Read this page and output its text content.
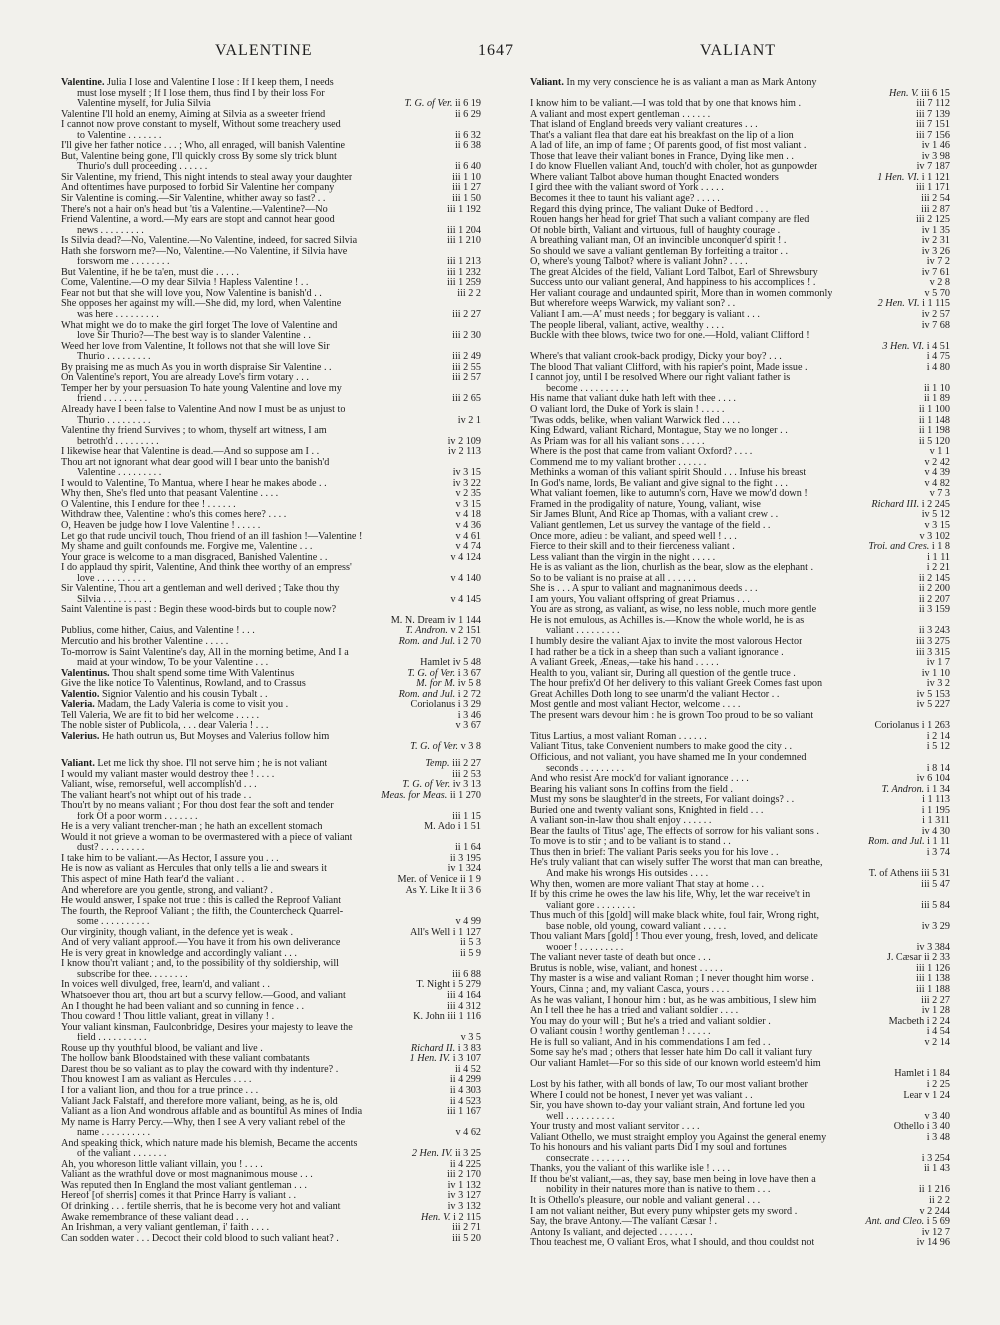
VALENTINE	1647	VALIANT
Valentine. Julia I lose and Valentine I lose : If I keep them, I needs
must lose myself ; If I lose them, thus find I by their loss For
Valentine myself, for Julia Silvia	T. G. of Ver. ii 6 19
Valentine I'll hold an enemy, Aiming at Silvia as a sweeter friend	ii 6 29
I cannot now prove constant to myself, Without some treachery used
to Valentine . . . . . . .	ii 6 32
I'll give her father notice . . . ; Who, all enraged, will banish Valentine	ii 6 38
But, Valentine being gone, I'll quickly cross By some sly trick blunt
Thurio's dull proceeding . . . . . .	ii 6 40
Sir Valentine, my friend, This night intends to steal away your daughter	iii 1 10
And oftentimes have purposed to forbid Sir Valentine her company	iii 1 27
Sir Valentine is coming.—Sir Valentine, whither away so fast? . .	iii 1 50
There's not a hair on's head but 'tis a Valentine.—Valentine?—No	iii 1 192
Friend Valentine, a word.—My ears are stopt and cannot hear good
news . . . . . . . . .	iii 1 204
Is Silvia dead?—No, Valentine.—No Valentine, indeed, for sacred Silvia	iii 1 210
Hath she forsworn me?—No, Valentine.—No Valentine, if Silvia have
forsworn me . . . . . . . .	iii 1 213
But Valentine, if he be ta'en, must die . . . . .	iii 1 232
Come, Valentine.—O my dear Silvia ! Hapless Valentine ! . .	iii 1 259
Fear not but that she will love you, Now Valentine is banish'd . .	iii 2 2
She opposes her against my will.—She did, my lord, when Valentine
was here . . . . . . . . .	iii 2 27
What might we do to make the girl forget The love of Valentine and
love Sir Thurio?—The best way is to slander Valentine . .	iii 2 30
Weed her love from Valentine, It follows not that she will love Sir
Thurio . . . . . . . . .	iii 2 49
By praising me as much As you in worth dispraise Sir Valentine . .	iii 2 55
On Valentine's report, You are already Love's firm votary . . .	iii 2 57
Temper her by your persuasion To hate young Valentine and love my
friend . . . . . . . . .	iii 2 65
Already have I been false to Valentine And now I must be as unjust to
Thurio . . . . . . . . .	iv 2 1
Valentine thy friend Survives ; to whom, thyself art witness, I am
betroth'd . . . . . . . . .	iv 2 109
I likewise hear that Valentine is dead.—And so suppose am I . .	iv 2 113
Thou art not ignorant what dear good will I bear unto the banish'd
Valentine . . . . . . . . .	iv 3 15
I would to Valentine, To Mantua, where I hear he makes abode . .	iv 3 22
Why then, She's fled unto that peasant Valentine . . . .	v 2 35
O Valentine, this I endure for thee ! . . . . . .	v 3 15
Withdraw thee, Valentine : who's this comes here? . . . .	v 4 18
O, Heaven be judge how I love Valentine ! . . . . .	v 4 36
Let go that rude uncivil touch, Thou friend of an ill fashion !—Valentine !	v 4 61
My shame and guilt confounds me. Forgive me, Valentine . . .	v 4 74
Your grace is welcome to a man disgraced, Banished Valentine . .	v 4 124
I do applaud thy spirit, Valentine, And think thee worthy of an empress'
love . . . . . . . . . .	v 4 140
Sir Valentine, Thou art a gentleman and well derived ; Take thou thy
Silvia . . . . . . . . . .	v 4 145
Saint Valentine is past : Begin these wood-birds but to couple now?
M. N. Dream iv 1 144
Publius, come hither, Caius, and Valentine ! . . .	T. Andron. v 2 151
Mercutio and his brother Valentine . . . . .	Rom. and Jul. i 2 70
To-morrow is Saint Valentine's day, All in the morning betime, And I a
maid at your window, To be your Valentine . . .	Hamlet iv 5 48
Valentinus. Thou shalt spend some time With Valentinus	T. G. of Ver. i 3 67
Give the like notice To Valentinus, Rowland, and to Crassus	M. for M. iv 5 8
Valentio. Signior Valentio and his cousin Tybalt . .	Rom. and Jul. i 2 72
Valeria. Madam, the Lady Valeria is come to visit you .	Coriolanus i 3 29
Tell Valeria, We are fit to bid her welcome . . . . .	i 3 46
The noble sister of Publicola, . . . dear Valeria ! . . .	v 3 67
Valerius. He hath outrun us, But Moyses and Valerius follow him
T. G. of Ver. v 3 8
Valiant. Let me lick thy shoe. I'll not serve him ; he is not valiant	Temp. iii 2 27
I would my valiant master would destroy thee ! . . . .	iii 2 53
Valiant, wise, remorseful, well accomplish'd . . .	T. G. of Ver. iv 3 13
The valiant heart's not whipt out of his trade . .	Meas. for Meas. ii 1 270
Thou'rt by no means valiant ; For thou dost fear the soft and tender
fork Of a poor worm . . . . . . .	iii 1 15
He is a very valiant trencher-man ; he hath an excellent stomach	M. Ado i 1 51
Would it not grieve a woman to be overmastered with a piece of valiant
dust? . . . . . . . . .	ii 1 64
I take him to be valiant.—As Hector, I assure you . . .	ii 3 195
He is now as valiant as Hercules that only tells a lie and swears it	iv 1 324
This aspect of mine Hath fear'd the valiant . .	Mer. of Venice ii 1 9
And wherefore are you gentle, strong, and valiant? .	As Y. Like It ii 3 6
He would answer, I spake not true : this is called the Reproof Valiant
The fourth, the Reproof Valiant ; the fifth, the Countercheck Quarrel-
some . . . . . . . . . .	v 4 99
Our virginity, though valiant, in the defence yet is weak .	All's Well i 1 127
And of very valiant approof.—You have it from his own deliverance	ii 5 3
He is very great in knowledge and accordingly valiant . . .	ii 5 9
I know thou'rt valiant ; and, to the possibility of thy soldiership, will
subscribe for thee. . . . . . . .	iii 6 88
In voices well divulged, free, learn'd, and valiant . .	T. Night i 5 279
Whatsoever thou art, thou art but a scurvy fellow.—Good, and valiant	iii 4 164
An I thought he had been valiant and so cunning in fence . .	iii 4 312
Thou coward ! Thou little valiant, great in villany ! .	K. John iii 1 116
Your valiant kinsman, Faulconbridge, Desires your majesty to leave the
field . . . . . . . . . .	v 3 5
Rouse up thy youthful blood, be valiant and live .	Richard II. i 3 83
The hollow bank Bloodstained with these valiant combatants	1 Hen. IV. i 3 107
Darest thou be so valiant as to play the coward with thy indenture? .	ii 4 52
Thou knowest I am as valiant as Hercules . . . .	ii 4 299
I for a valiant lion, and thou for a true prince . . .	ii 4 303
Valiant Jack Falstaff, and therefore more valiant, being, as he is, old	ii 4 523
Valiant as a lion And wondrous affable and as bountiful As mines of India	iii 1 167
My name is Harry Percy.—Why, then I see A very valiant rebel of the
name . . . . . . . . . .	v 4 62
And speaking thick, which nature made his blemish, Became the accents
of the valiant . . . . . . .	2 Hen. IV. ii 3 25
Ah, you whoreson little valiant villain, you ! . . . .	ii 4 225
Valiant as the wrathful dove or most magnanimous mouse . . .	iii 2 170
Was reputed then In England the most valiant gentleman . . .	iv 1 132
Hereof [of sherris] comes it that Prince Harry is valiant . .	iv 3 127
Of drinking . . . fertile sherris, that he is become very hot and valiant	iv 3 132
Awake remembrance of these valiant dead . . .	Hen. V. i 2 115
An Irishman, a very valiant gentleman, i' faith . . . .	iii 2 71
Can sodden water . . . Decoct their cold blood to such valiant heat? .	iii 5 20
Valiant. In my very conscience he is as valiant a man as Mark Antony
Hen. V. iii 6 15
I know him to be valiant.—I was told that by one that knows him .	iii 7 112
A valiant and most expert gentleman . . . . . .	iii 7 139
That island of England breeds very valiant creatures . . .	iii 7 151
That's a valiant flea that dare eat his breakfast on the lip of a lion	iii 7 156
A lad of life, an imp of fame ; Of parents good, of fist most valiant .	iv 1 46
Those that leave their valiant bones in France, Dying like men . .	iv 3 98
I do know Fluellen valiant And, touch'd with choler, hot as gunpowder	iv 7 187
Where valiant Talbot above human thought Enacted wonders	1 Hen. VI. i 1 121
I gird thee with the valiant sword of York . . . . .	iii 1 171
Becomes it thee to taunt his valiant age? . . . . .	iii 2 54
Regard this dying prince, The valiant Duke of Bedford . . .	iii 2 87
Rouen hangs her head for grief That such a valiant company are fled	iii 2 125
Of noble birth, Valiant and virtuous, full of haughty courage .	iv 1 35
A breathing valiant man, Of an invincible unconquer'd spirit ! .	iv 2 31
So should we save a valiant gentleman By forfeiting a traitor . .	iv 3 26
O, where's young Talbot? where is valiant John? . . . .	iv 7 2
The great Alcides of the field, Valiant Lord Talbot, Earl of Shrewsbury	iv 7 61
Success unto our valiant general, And happiness to his accomplices ! .	v 2 8
Her valiant courage and undaunted spirit, More than in women commonly	v 5 70
But wherefore weeps Warwick, my valiant son? . .	2 Hen. VI. i 1 115
Valiant I am.—A' must needs ; for beggary is valiant . . .	iv 2 57
The people liberal, valiant, active, wealthy . . . .	iv 7 68
Buckle with thee blows, twice two for one.—Hold, valiant Clifford !
3 Hen. VI. i 4 51
Where's that valiant crook-back prodigy, Dicky your boy? . . .	i 4 75
The blood That valiant Clifford, with his rapier's point, Made issue .	i 4 80
I cannot joy, until I be resolved Where our right valiant father is
become . . . . . . . . . .	ii 1 10
His name that valiant duke hath left with thee . . . .	ii 1 89
O valiant lord, the Duke of York is slain ! . . . . .	ii 1 100
'Twas odds, belike, when valiant Warwick fled . . . .	ii 1 148
King Edward, valiant Richard, Montague, Stay we no longer . .	ii 1 198
As Priam was for all his valiant sons . . . . .	ii 5 120
Where is the post that came from valiant Oxford? . . . .	v 1 1
Commend me to my valiant brother . . . . . .	v 2 42
Methinks a woman of this valiant spirit Should . . . Infuse his breast	v 4 39
In God's name, lords, Be valiant and give signal to the fight . . .	v 4 82
What valiant foemen, like to autumn's corn, Have we mow'd down !	v 7 3
Framed in the prodigality of nature, Young, valiant, wise	Richard III. i 2 245
Sir James Blunt, And Rice ap Thomas, with a valiant crew . .	iv 5 12
Valiant gentlemen, Let us survey the vantage of the field . .	v 3 15
Once more, adieu : be valiant, and speed well ! . . .	v 3 102
Fierce to their skill and to their fierceness valiant .	Troi. and Cres. i 1 8
Less valiant than the virgin in the night . . . . .	i 1 11
He is as valiant as the lion, churlish as the bear, slow as the elephant .	i 2 21
So to be valiant is no praise at all . . . . . .	ii 2 145
She is . . . A spur to valiant and magnanimous deeds . . .	ii 2 200
I am yours, You valiant offspring of great Priamus . . .	ii 2 207
You are as strong, as valiant, as wise, no less noble, much more gentle	ii 3 159
He is not emulous, as Achilles is.—Know the whole world, he is as
valiant . . . . . . . . .	ii 3 243
I humbly desire the valiant Ajax to invite the most valorous Hector	iii 3 275
I had rather be a tick in a sheep than such a valiant ignorance .	iii 3 315
A valiant Greek, Æneas,—take his hand . . . . .	iv 1 7
Health to you, valiant sir, During all question of the gentle truce .	iv 1 10
The hour prefix'd Of her delivery to this valiant Greek Comes fast upon	iv 3 2
Great Achilles Doth long to see unarm'd the valiant Hector . .	iv 5 153
Most gentle and most valiant Hector, welcome . . . .	iv 5 227
The present wars devour him : he is grown Too proud to be so valiant
Coriolanus i 1 263
Titus Lartius, a most valiant Roman . . . . . .	i 2 14
Valiant Titus, take Convenient numbers to make good the city . .	i 5 12
Officious, and not valiant, you have shamed me In your condemned
seconds . . . . . . . . .	i 8 14
And who resist Are mock'd for valiant ignorance . . . .	iv 6 104
Bearing his valiant sons In coffins from the field .	T. Andron. i 1 34
Must my sons be slaughter'd in the streets, For valiant doings? . .	i 1 113
Buried one and twenty valiant sons, Knighted in field . . .	i 1 195
A valiant son-in-law thou shalt enjoy . . . . . .	i 1 311
Bear the faults of Titus' age, The effects of sorrow for his valiant sons .	iv 4 30
To move is to stir ; and to be valiant is to stand . .	Rom. and Jul. i 1 11
Thus then in brief: The valiant Paris seeks you for his love . .	i 3 74
He's truly valiant that can wisely suffer The worst that man can breathe,
And make his wrongs His outsides . . . .	T. of Athens iii 5 31
Why then, women are more valiant That stay at home . . .	iii 5 47
If by this crime he owes the law his life, Why, let the war receive't in
valiant gore . . . . . . . .	iii 5 84
Thus much of this [gold] will make black white, foul fair, Wrong right,
base noble, old young, coward valiant . . . . .	iv 3 29
Thou valiant Mars [gold] ! Thou ever young, fresh, loved, and delicate
wooer ! . . . . . . . . .	iv 3 384
The valiant never taste of death but once . . .	J. Cæsar ii 2 33
Brutus is noble, wise, valiant, and honest . . . . .	iii 1 126
Thy master is a wise and valiant Roman ; I never thought him worse .	iii 1 138
Yours, Cinna ; and, my valiant Casca, yours . . . .	iii 1 188
As he was valiant, I honour him : but, as he was ambitious, I slew him	iii 2 27
An I tell thee he has a tried and valiant soldier . . . .	iv 1 28
You may do your will ; But he's a tried and valiant soldier .	Macbeth i 2 24
O valiant cousin ! worthy gentleman ! . . . . .	i 4 54
He is full so valiant, And in his commendations I am fed . .	v 2 14
Some say he's mad ; others that lesser hate him Do call it valiant fury
Our valiant Hamlet—For so this side of our known world esteem'd him
Hamlet i 1 84
Lost by his father, with all bonds of law, To our most valiant brother	i 2 25
Where I could not be honest, I never yet was valiant . .	Lear v 1 24
Sir, you have shown to-day your valiant strain, And fortune led you
well . . . . . . . . . .	v 3 40
Your trusty and most valiant servitor . . . .	Othello i 3 40
Valiant Othello, we must straight employ you Against the general enemy	i 3 48
To his honours and his valiant parts Did I my soul and fortunes
consecrate . . . . . . . .	i 3 254
Thanks, you the valiant of this warlike isle ! . . . .	ii 1 43
If thou be'st valiant,—as, they say, base men being in love have then a
nobility in their natures more than is native to them . . .	ii 1 216
It is Othello's pleasure, our noble and valiant general . . .	ii 2 2
I am not valiant neither, But every puny whipster gets my sword .	v 2 244
Say, the brave Antony.—The valiant Cæsar ! .	Ant. and Cleo. i 5 69
Antony Is valiant, and dejected . . . . . . .	iv 12 7
Thou teachest me, O valiant Eros, what I should, and thou couldst not	iv 14 96
